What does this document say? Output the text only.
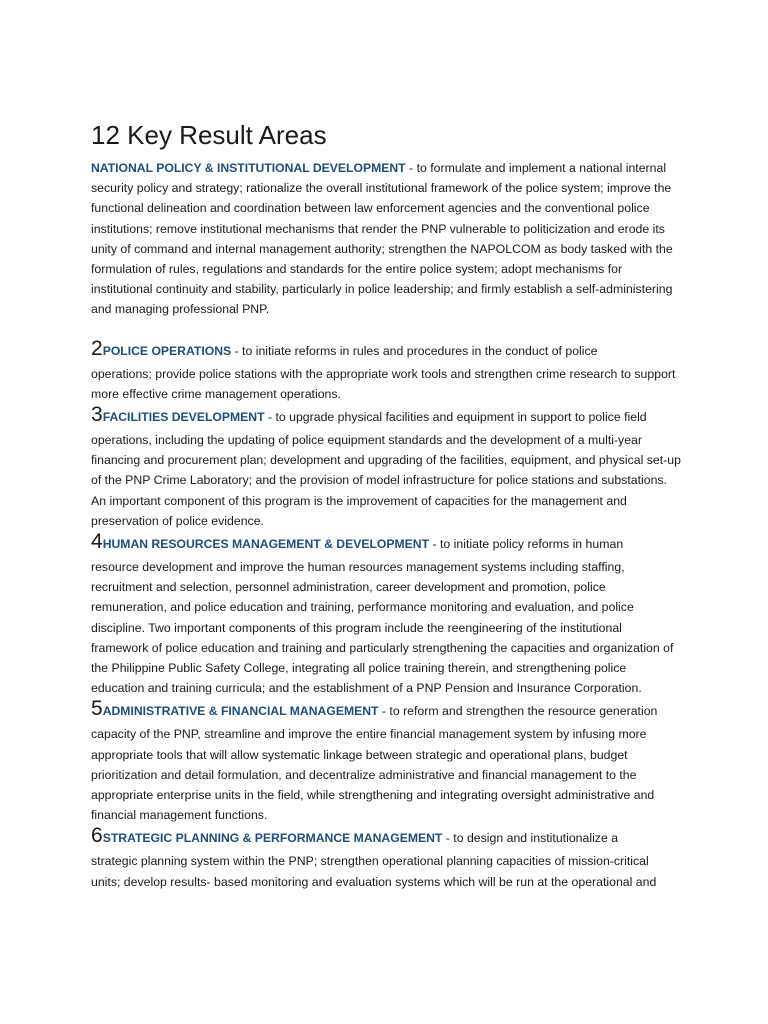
12 Key Result Areas

NATIONAL POLICY & INSTITUTIONAL DEVELOPMENT - to formulate and implement a national internal security policy and strategy; rationalize the overall institutional framework of the police system; improve the functional delineation and coordination between law enforcement agencies and the conventional police institutions; remove institutional mechanisms that render the PNP vulnerable to politicization and erode its unity of command and internal management authority; strengthen the NAPOLCOM as body tasked with the formulation of rules, regulations and standards for the entire police system; adopt mechanisms for institutional continuity and stability, particularly in police leadership; and firmly establish a self-administering and managing professional PNP.

2POLICE OPERATIONS - to initiate reforms in rules and procedures in the conduct of police
operations; provide police stations with the appropriate work tools and strengthen crime research to support more effective crime management operations.

3FACILITIES DEVELOPMENT - to upgrade physical facilities and equipment in support to police field
operations, including the updating of police equipment standards and the development of a multi-year financing and procurement plan; development and upgrading of the facilities, equipment, and physical set-up of the PNP Crime Laboratory; and the provision of model infrastructure for police stations and substations. An important component of this program is the improvement of capacities for the management and preservation of police evidence.

4HUMAN RESOURCES MANAGEMENT & DEVELOPMENT - to initiate policy reforms in human
resource development and improve the human resources management systems including staffing, recruitment and selection, personnel administration, career development and promotion, police remuneration, and police education and training, performance monitoring and evaluation, and police discipline. Two important components of this program include the reengineering of the institutional framework of police education and training and particularly strengthening the capacities and organization of the Philippine Public Safety College, integrating all police training therein, and strengthening police education and training curricula; and the establishment of a PNP Pension and Insurance Corporation.

5ADMINISTRATIVE & FINANCIAL MANAGEMENT - to reform and strengthen the resource generation
capacity of the PNP, streamline and improve the entire financial management system by infusing more appropriate tools that will allow systematic linkage between strategic and operational plans, budget prioritization and detail formulation, and decentralize administrative and financial management to the appropriate enterprise units in the field, while strengthening and integrating oversight administrative and financial management functions.

6STRATEGIC PLANNING & PERFORMANCE MANAGEMENT - to design and institutionalize a
strategic planning system within the PNP; strengthen operational planning capacities of mission-critical units; develop results- based monitoring and evaluation systems which will be run at the operational and
